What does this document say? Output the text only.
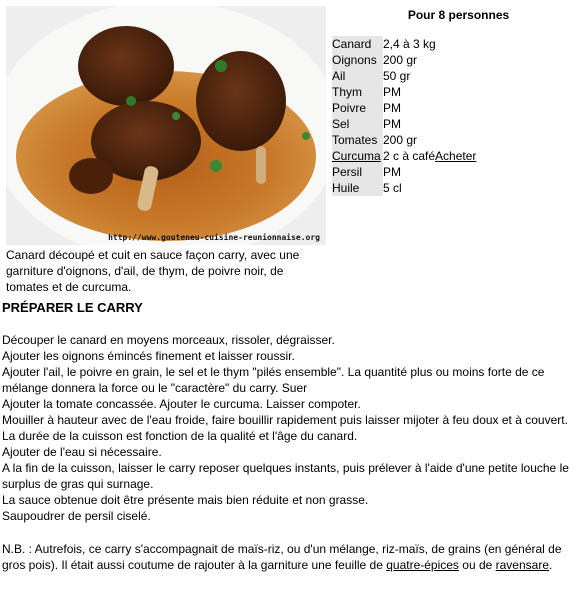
http://www.gouteneu-cuisine-reunionnaise.org
Canard découpé et cuit en sauce façon carry, avec une garniture d'oignons, d'ail, de thym, de poivre noir, de tomates et de curcuma.
Pour 8 personnes
Canard	2,4 à 3 kg
Oignons	200 gr
Ail	50 gr
Thym	PM
Poivre	PM
Sel	PM
Tomates	200 gr
Curcuma	2 c à caféAcheter
Persil	PM
Huile	5 cl
PRÉPARER LE CARRY

Découper le canard en moyens morceaux, rissoler, dégraisser.

Ajouter les oignons émincés finement et laisser roussir.

Ajouter l'ail, le poivre en grain, le sel et le thym "pilés ensemble". La quantité plus ou moins forte de ce mélange donnera la force ou le "caractère" du carry. Suer

Ajouter la tomate concassée. Ajouter le curcuma. Laisser compoter.

Mouiller à hauteur avec de l'eau froide, faire bouillir rapidement puis laisser mijoter à feu doux et à couvert. La durée de la cuisson est fonction de la qualité et l'âge du canard.

Ajouter de l'eau si nécessaire.

A la fin de la cuisson, laisser le carry reposer quelques instants, puis prélever à l'aide d'une petite louche le surplus de gras qui surnage.

La sauce obtenue doit être présente mais bien réduite et non grasse.

Saupoudrer de persil ciselé.

N.B. : Autrefois, ce carry s'accompagnait de maïs-riz, ou d'un mélange, riz-maïs, de grains (en général de gros pois). Il était aussi coutume de rajouter à la garniture une feuille de quatre-épices ou de ravensare.
